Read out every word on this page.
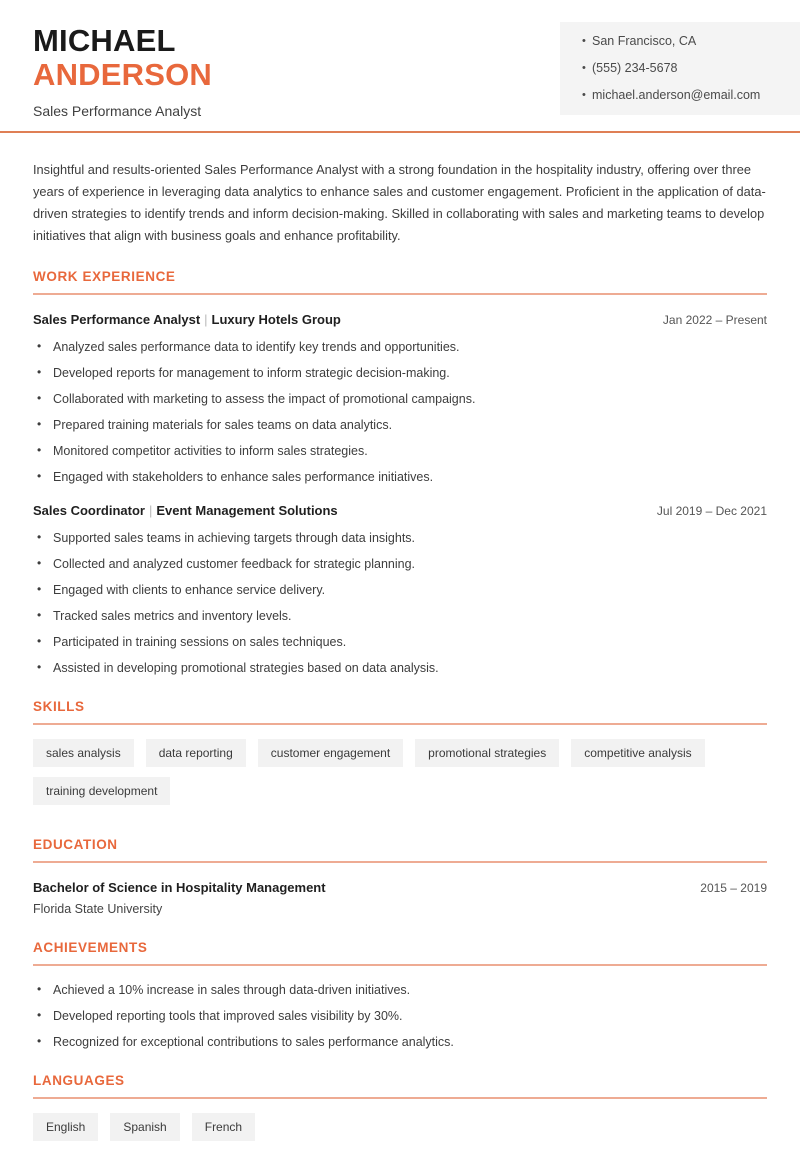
• San Francisco, CA
• (555) 234-5678
• michael.anderson@email.com
MICHAEL
ANDERSON
Sales Performance Analyst
Insightful and results-oriented Sales Performance Analyst with a strong foundation in the hospitality industry, offering over three years of experience in leveraging data analytics to enhance sales and customer engagement. Proficient in the application of data-driven strategies to identify trends and inform decision-making. Skilled in collaborating with sales and marketing teams to develop initiatives that align with business goals and enhance profitability.
WORK EXPERIENCE
Sales Performance Analyst | Luxury Hotels Group	Jan 2022 – Present
• Analyzed sales performance data to identify key trends and opportunities.
• Developed reports for management to inform strategic decision-making.
• Collaborated with marketing to assess the impact of promotional campaigns.
• Prepared training materials for sales teams on data analytics.
• Monitored competitor activities to inform sales strategies.
• Engaged with stakeholders to enhance sales performance initiatives.
Sales Coordinator | Event Management Solutions	Jul 2019 – Dec 2021
• Supported sales teams in achieving targets through data insights.
• Collected and analyzed customer feedback for strategic planning.
• Engaged with clients to enhance service delivery.
• Tracked sales metrics and inventory levels.
• Participated in training sessions on sales techniques.
• Assisted in developing promotional strategies based on data analysis.
SKILLS
sales analysis	data reporting	customer engagement	promotional strategies	competitive analysis
training development
EDUCATION
Bachelor of Science in Hospitality Management	2015 – 2019
Florida State University
ACHIEVEMENTS
• Achieved a 10% increase in sales through data-driven initiatives.
• Developed reporting tools that improved sales visibility by 30%.
• Recognized for exceptional contributions to sales performance analytics.
LANGUAGES
English	Spanish	French
